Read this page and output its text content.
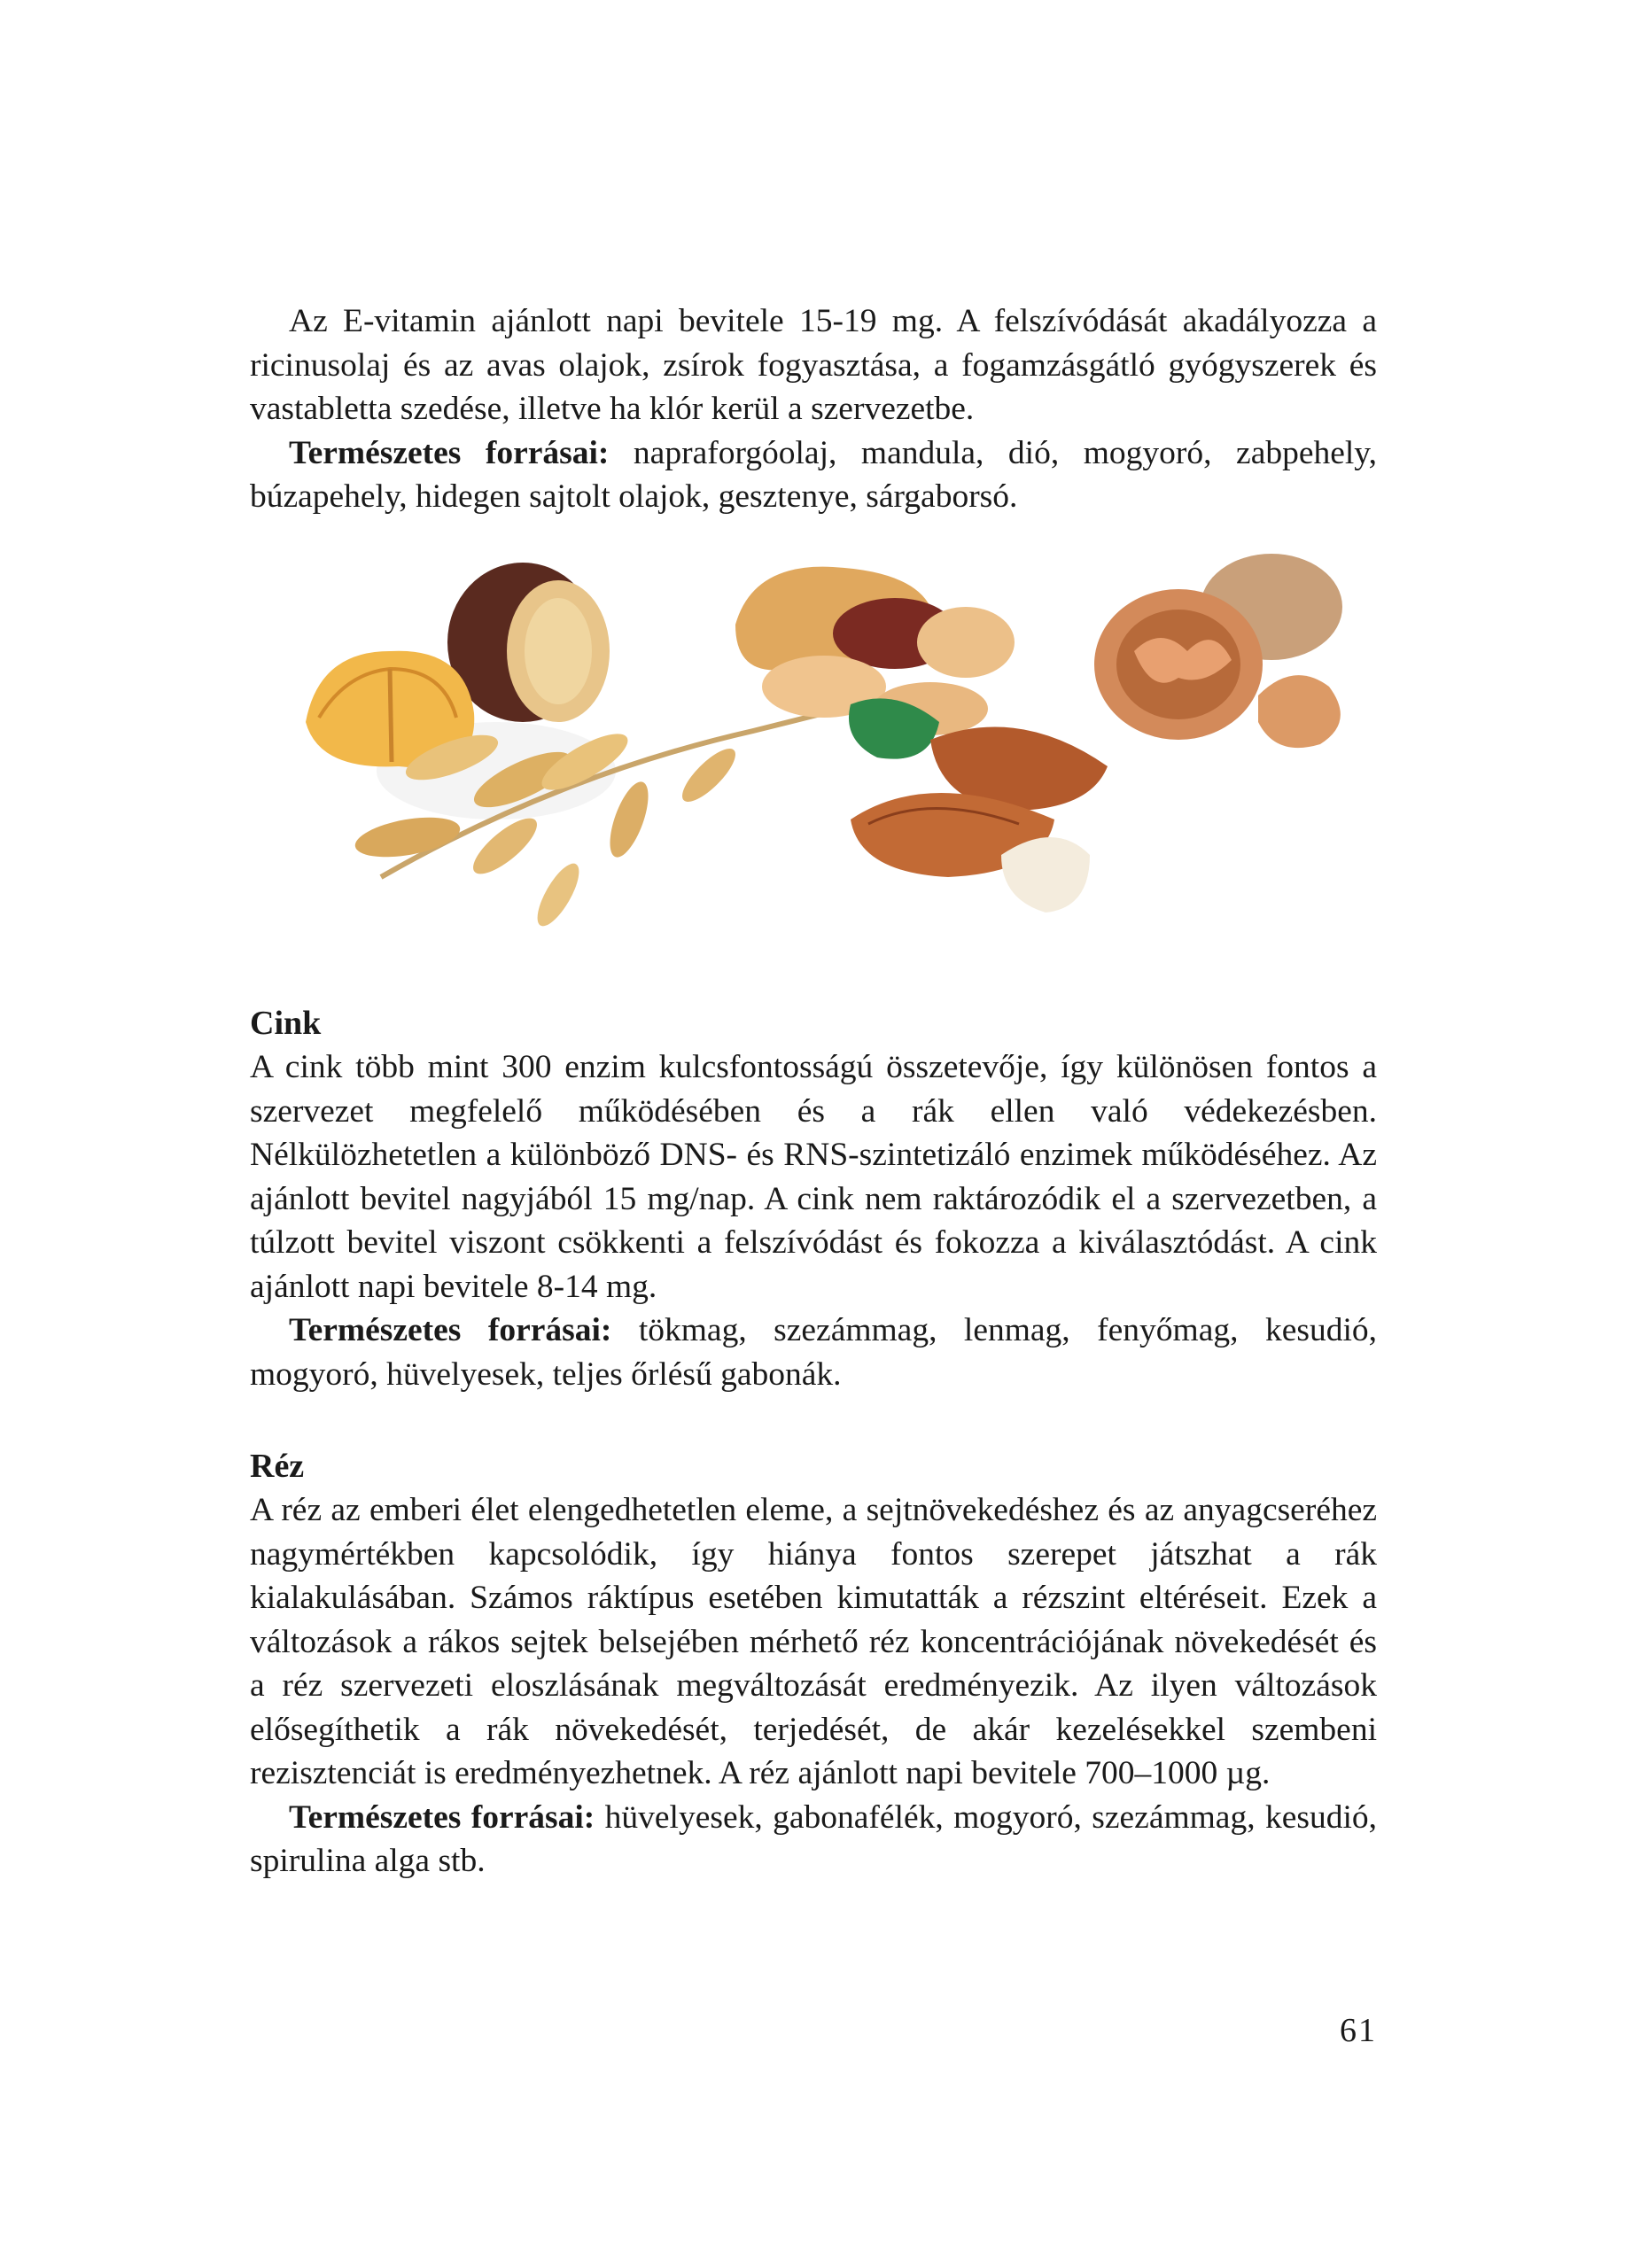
Az E-vitamin ajánlott napi bevitele 15-19 mg. A felszívódását akadályozza a ricinusolaj és az avas olajok, zsírok fogyasztása, a fogamzásgátló gyógyszerek és vastabletta szedése, illetve ha klór kerül a szervezetbe.

Természetes forrásai: napraforgóolaj, mandula, dió, mogyoró, zabpehely, búzapehely, hidegen sajtolt olajok, gesztenye, sárgaborsó.

Cink

A cink több mint 300 enzim kulcsfontosságú összetevője, így különösen fontos a szervezet megfelelő működésében és a rák ellen való védekezésben. Nélkülözhetetlen a különböző DNS- és RNS-szintetizáló enzimek működéséhez. Az ajánlott bevitel nagyjából 15 mg/nap. A cink nem raktározódik el a szervezetben, a túlzott bevitel viszont csökkenti a felszívódást és fokozza a kiválasztódást. A cink ajánlott napi bevitele 8-14 mg.

Természetes forrásai: tökmag, szezámmag, lenmag, fenyőmag, kesudió, mogyoró, hüvelyesek, teljes őrlésű gabonák.

Réz

A réz az emberi élet elengedhetetlen eleme, a sejtnövekedéshez és az anyagcseréhez nagymértékben kapcsolódik, így hiánya fontos szerepet játszhat a rák kialakulásában. Számos ráktípus esetében kimutatták a rézszint eltéréseit. Ezek a változások a rákos sejtek belsejében mérhető réz koncentrációjának növekedését és a réz szervezeti eloszlásának megváltozását eredményezik. Az ilyen változások elősegíthetik a rák növekedését, terjedését, de akár kezelésekkel szembeni rezisztenciát is eredményezhetnek. A réz ajánlott napi bevitele 700–1000 µg.

Természetes forrásai: hüvelyesek, gabonafélék, mogyoró, szezámmag, kesudió, spirulina alga stb.

61
